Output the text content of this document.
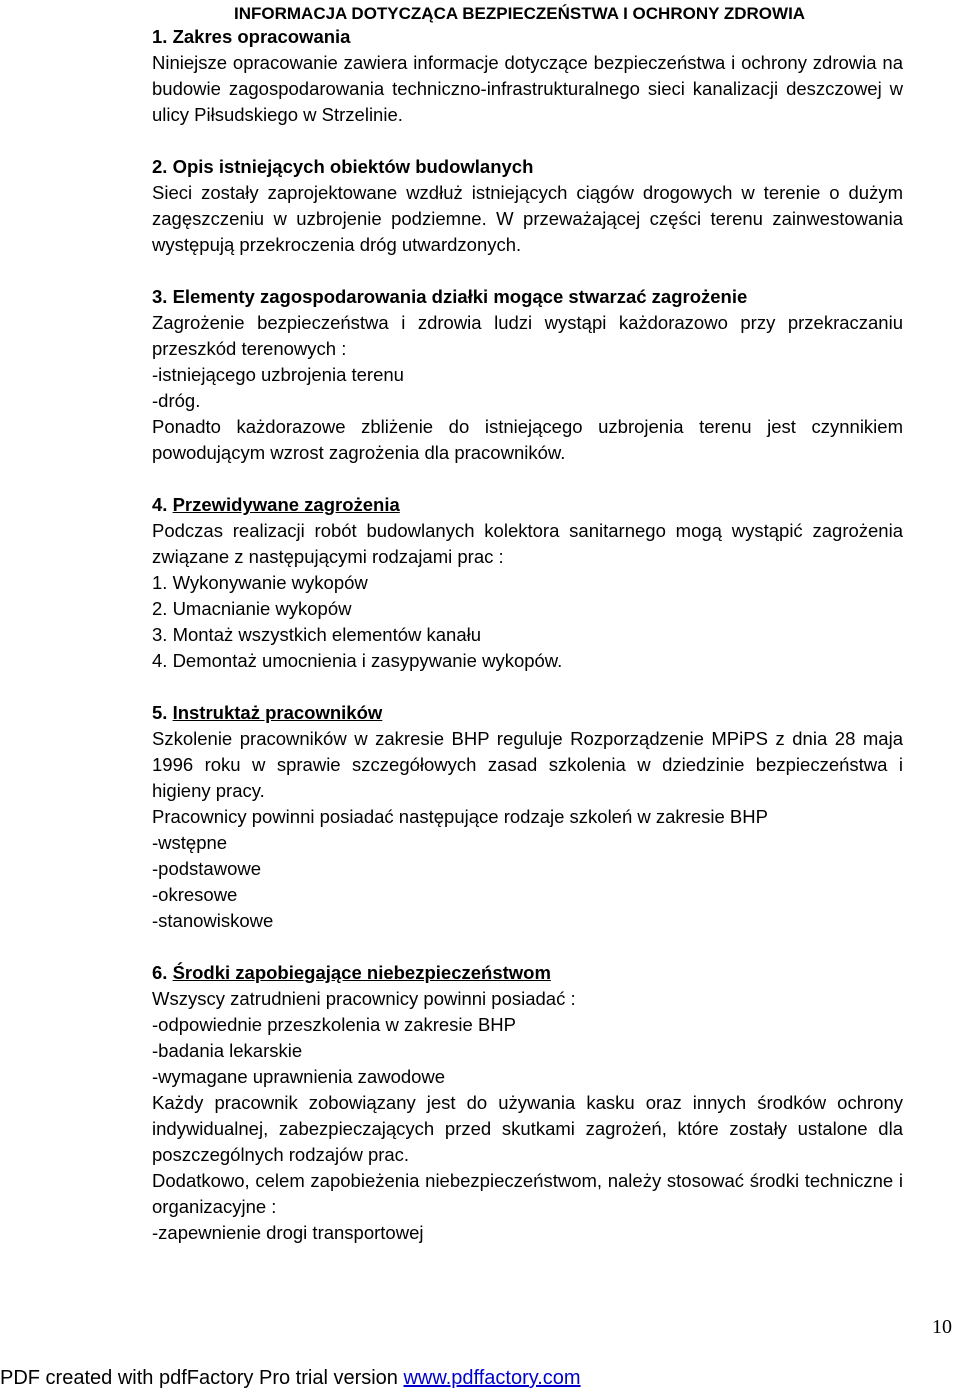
INFORMACJA DOTYCZĄCA BEZPIECZEŃSTWA I OCHRONY ZDROWIA
1. Zakres opracowania

Niniejsze opracowanie zawiera informacje dotyczące bezpieczeństwa i ochrony zdrowia na budowie zagospodarowania techniczno-infrastrukturalnego sieci kanalizacji deszczowej w ulicy Piłsudskiego w Strzelinie.

2. Opis istniejących obiektów budowlanych

Sieci zostały zaprojektowane wzdłuż istniejących ciągów drogowych w terenie o dużym zagęszczeniu w uzbrojenie podziemne. W przeważającej części terenu zainwestowania występują przekroczenia dróg utwardzonych.

3. Elementy zagospodarowania działki mogące stwarzać zagrożenie

Zagrożenie bezpieczeństwa i zdrowia ludzi wystąpi każdorazowo przy przekraczaniu przeszkód terenowych :

-istniejącego uzbrojenia terenu

-dróg.

Ponadto każdorazowe zbliżenie do istniejącego uzbrojenia terenu jest czynnikiem powodującym wzrost zagrożenia dla pracowników.

4. Przewidywane zagrożenia

Podczas realizacji robót budowlanych kolektora sanitarnego mogą wystąpić zagrożenia związane z następującymi rodzajami prac :

1. Wykonywanie wykopów

2. Umacnianie wykopów

3. Montaż wszystkich elementów kanału

4. Demontaż umocnienia i zasypywanie wykopów.

5. Instruktaż pracowników

Szkolenie pracowników w zakresie BHP reguluje Rozporządzenie MPiPS z dnia 28 maja 1996 roku w sprawie szczegółowych zasad szkolenia w dziedzinie bezpieczeństwa i higieny pracy.

Pracownicy powinni posiadać następujące rodzaje szkoleń w zakresie BHP

-wstępne

-podstawowe

-okresowe

-stanowiskowe

6. Środki zapobiegające niebezpieczeństwom

Wszyscy zatrudnieni pracownicy powinni posiadać :

-odpowiednie przeszkolenia w zakresie BHP

-badania lekarskie

-wymagane uprawnienia zawodowe

Każdy pracownik zobowiązany jest do używania kasku oraz innych środków ochrony indywidualnej, zabezpieczających przed skutkami zagrożeń, które zostały ustalone dla poszczególnych rodzajów prac.

Dodatkowo, celem zapobieżenia niebezpieczeństwom, należy stosować środki techniczne i organizacyjne :

-zapewnienie drogi transportowej

10
PDF created with pdfFactory Pro trial version www.pdffactory.com
